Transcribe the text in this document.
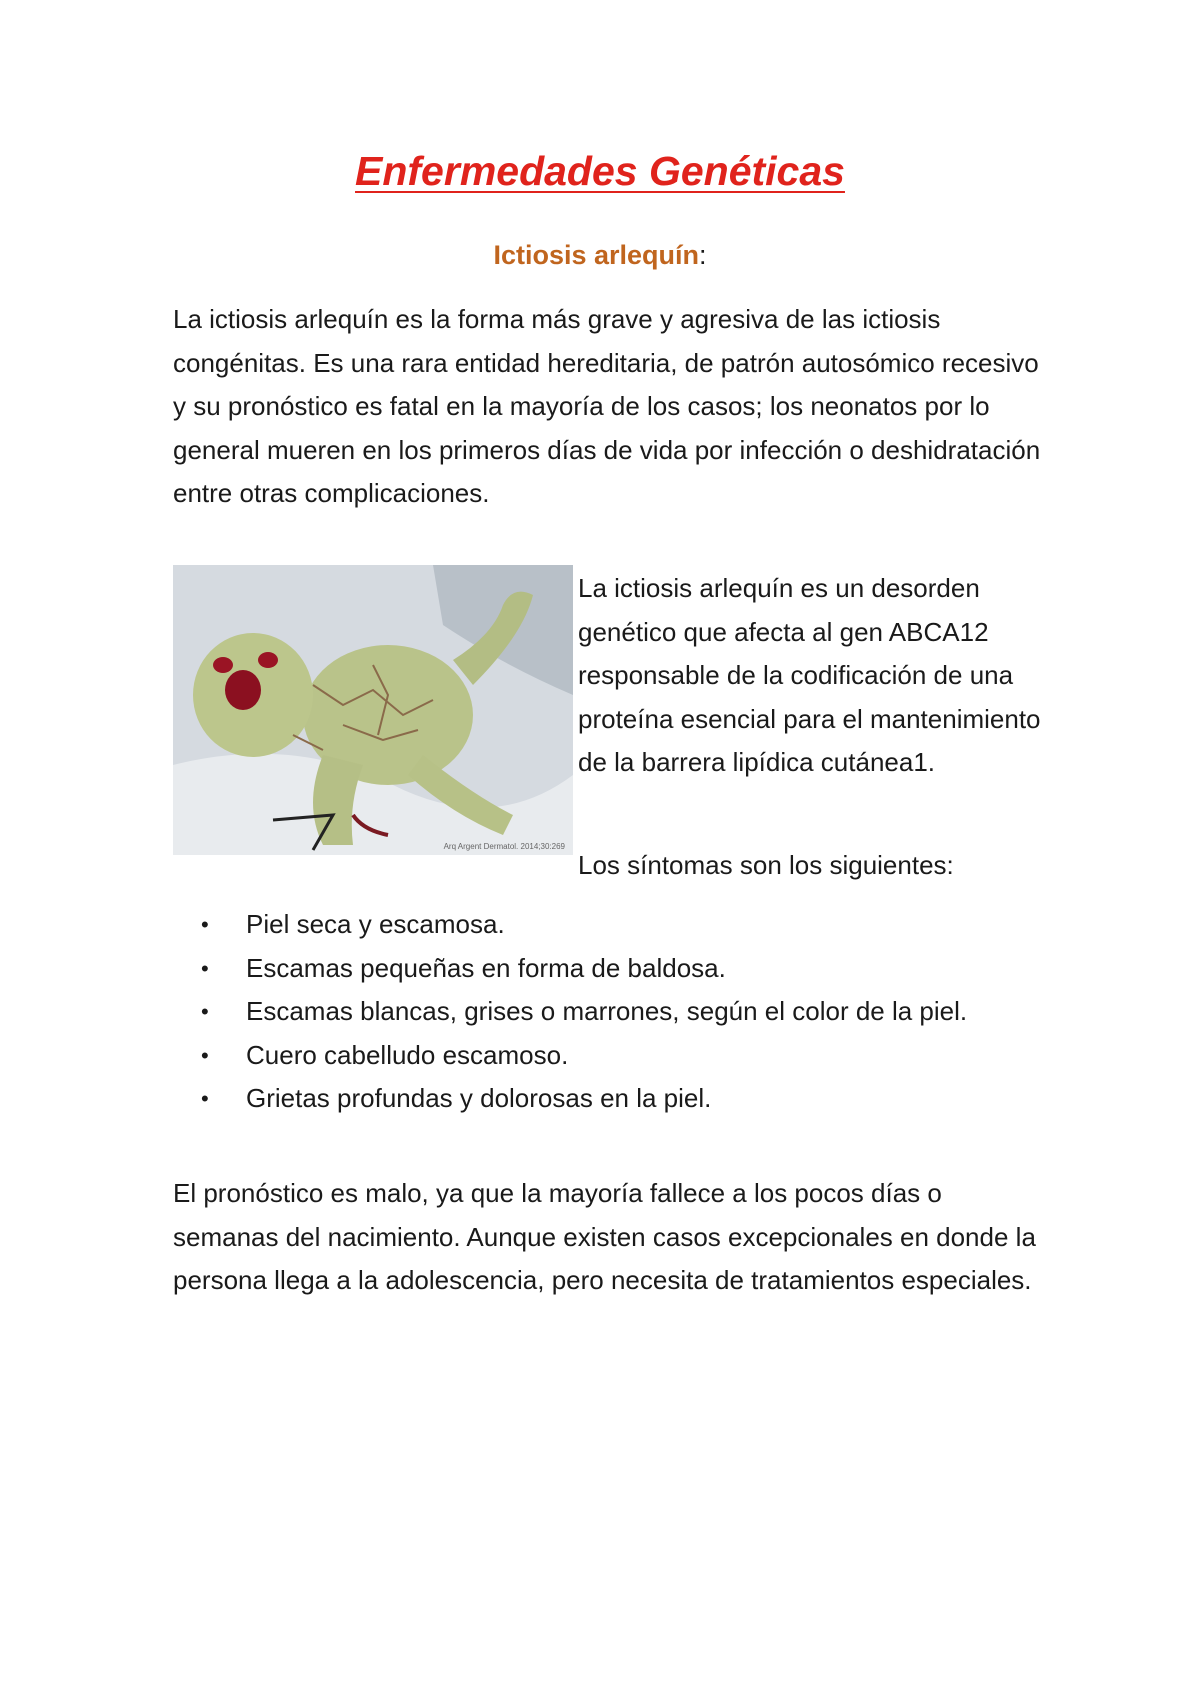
Enfermedades Genéticas
Ictiosis arlequín:

La ictiosis arlequín es la forma más grave y agresiva de las ictiosis congénitas. Es una rara entidad hereditaria, de patrón autosómico recesivo y su pronóstico es fatal en la mayoría de los casos; los neonatos por lo general mueren en los primeros días de vida por infección o deshidratación entre otras complicaciones.

Arq Argent Dermatol. 2014;30:269

La ictiosis arlequín es un desorden genético que afecta al gen ABCA12 responsable de la codificación de una proteína esencial para el mantenimiento de la barrera lipídica cutánea1.

Los síntomas son los siguientes:

• Piel seca y escamosa.
• Escamas pequeñas en forma de baldosa.
• Escamas blancas, grises o marrones, según el color de la piel.
• Cuero cabelludo escamoso.
• Grietas profundas y dolorosas en la piel.

El pronóstico es malo, ya que la mayoría fallece a los pocos días o semanas del nacimiento. Aunque existen casos excepcionales en donde la persona llega a la adolescencia, pero necesita de tratamientos especiales.
